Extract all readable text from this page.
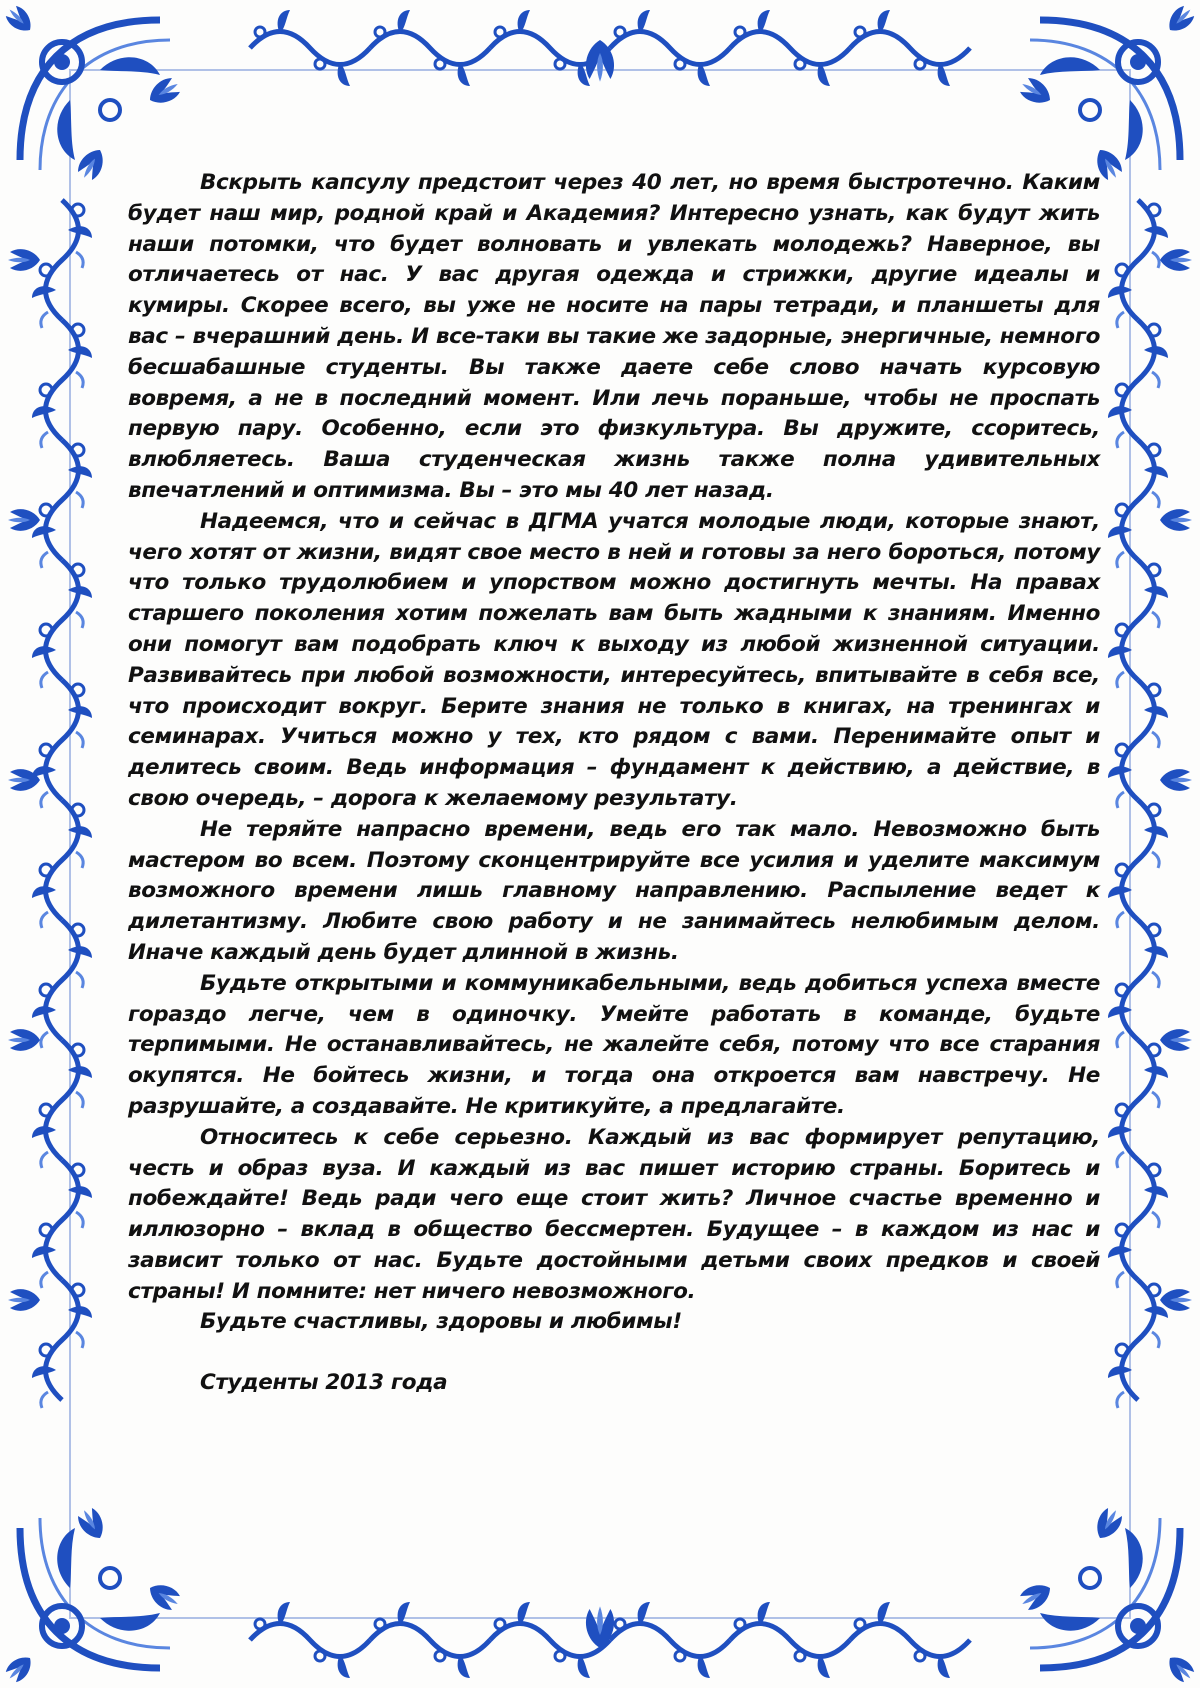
Вскрыть капсулу предстоит через 40 лет, но время быстротечно. Каким будет наш мир, родной край и Академия? Интересно узнать, как будут жить наши потомки, что будет волновать и увлекать молодежь? Наверное, вы отличаетесь от нас. У вас другая одежда и стрижки, другие идеалы и кумиры. Скорее всего, вы уже не носите на пары тетради, и планшеты для вас – вчерашний день. И все-таки вы такие же задорные, энергичные, немного бесшабашные студенты. Вы также даете себе слово начать курсовую вовремя, а не в последний момент. Или лечь пораньше, чтобы не проспать первую пару. Особенно, если это физкультура. Вы дружите, ссоритесь, влюбляетесь. Ваша студенческая жизнь также полна удивительных впечатлений и оптимизма. Вы – это мы 40 лет назад.

Надеемся, что и сейчас в ДГМА учатся молодые люди, которые знают, чего хотят от жизни, видят свое место в ней и готовы за него бороться, потому что только трудолюбием и упорством можно достигнуть мечты. На правах старшего поколения хотим пожелать вам быть жадными к знаниям. Именно они помогут вам подобрать ключ к выходу из любой жизненной ситуации. Развивайтесь при любой возможности, интересуйтесь, впитывайте в себя все, что происходит вокруг. Берите знания не только в книгах, на тренингах и семинарах. Учиться можно у тех, кто рядом с вами. Перенимайте опыт и делитесь своим. Ведь информация – фундамент к действию, а действие, в свою очередь, – дорога к желаемому результату.

Не теряйте напрасно времени, ведь его так мало. Невозможно быть мастером во всем. Поэтому сконцентрируйте все усилия и уделите максимум возможного времени лишь главному направлению. Распыление ведет к дилетантизму. Любите свою работу и не занимайтесь нелюбимым делом. Иначе каждый день будет длинной в жизнь.

Будьте открытыми и коммуникабельными, ведь добиться успеха вместе гораздо легче, чем в одиночку. Умейте работать в команде, будьте терпимыми. Не останавливайтесь, не жалейте себя, потому что все старания окупятся. Не бойтесь жизни, и тогда она откроется вам навстречу. Не разрушайте, а создавайте. Не критикуйте, а предлагайте.

Относитесь к себе серьезно. Каждый из вас формирует репутацию, честь и образ вуза. И каждый из вас пишет историю страны. Боритесь и побеждайте! Ведь ради чего еще стоит жить? Личное счастье временно и иллюзорно – вклад в общество бессмертен. Будущее – в каждом из нас и зависит только от нас. Будьте достойными детьми своих предков и своей страны! И помните: нет ничего невозможного.

Будьте счастливы, здоровы и любимы!

Студенты 2013 года
